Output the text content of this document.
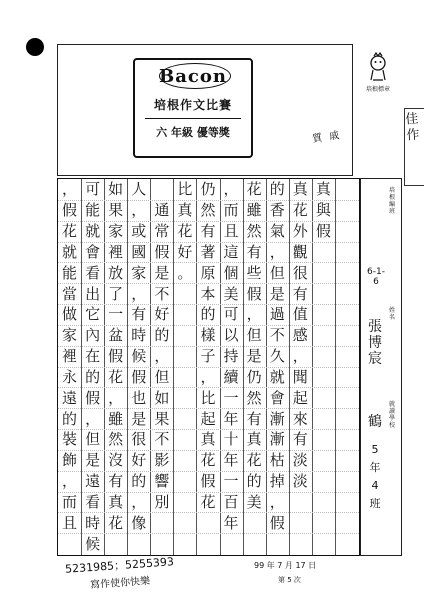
Bacon
培根作文比賽
六 年級 優等獎	質 戚
培根標章
佳作
真
與
假
真
花
外
觀
很
有
值
感
，
聞
起
來
有
淡
淡
的
香
氣
，
但
是
過
不
久
就
會
漸
漸
枯
掉
，
假
花
雖
然
有
些
假
，
但
是
仍
然
有
真
花
的
美
，
而
且
這
個
美
可
以
持
續
一
年
十
年
一
百
年
仍
然
有
著
原
本
的
樣
子
，
比
起
真
花
假
花
比
真
花
好
。
通
常
假
是
不
好
的
，
但
如
果
不
影
響
別
人
，
或
國
家
，
有
時
候
假
也
是
很
好
的
，
像
如
果
家
裡
放
了
一
盆
假
花
，
雖
然
沒
有
真
花
可
能
就
會
看
出
它
內
在
的
假
，
但
是
遠
看
時
候
，
假
花
就
能
當
做
家
裡
永
遠
的
裝
飾
，
而
且
培根編班
6-1-6
姓名
張博宸
就讀學校
鶴
5 年 4 班
5231985；5255393
寫作使你快樂
99 年 7 月 17 日
第 5 次
